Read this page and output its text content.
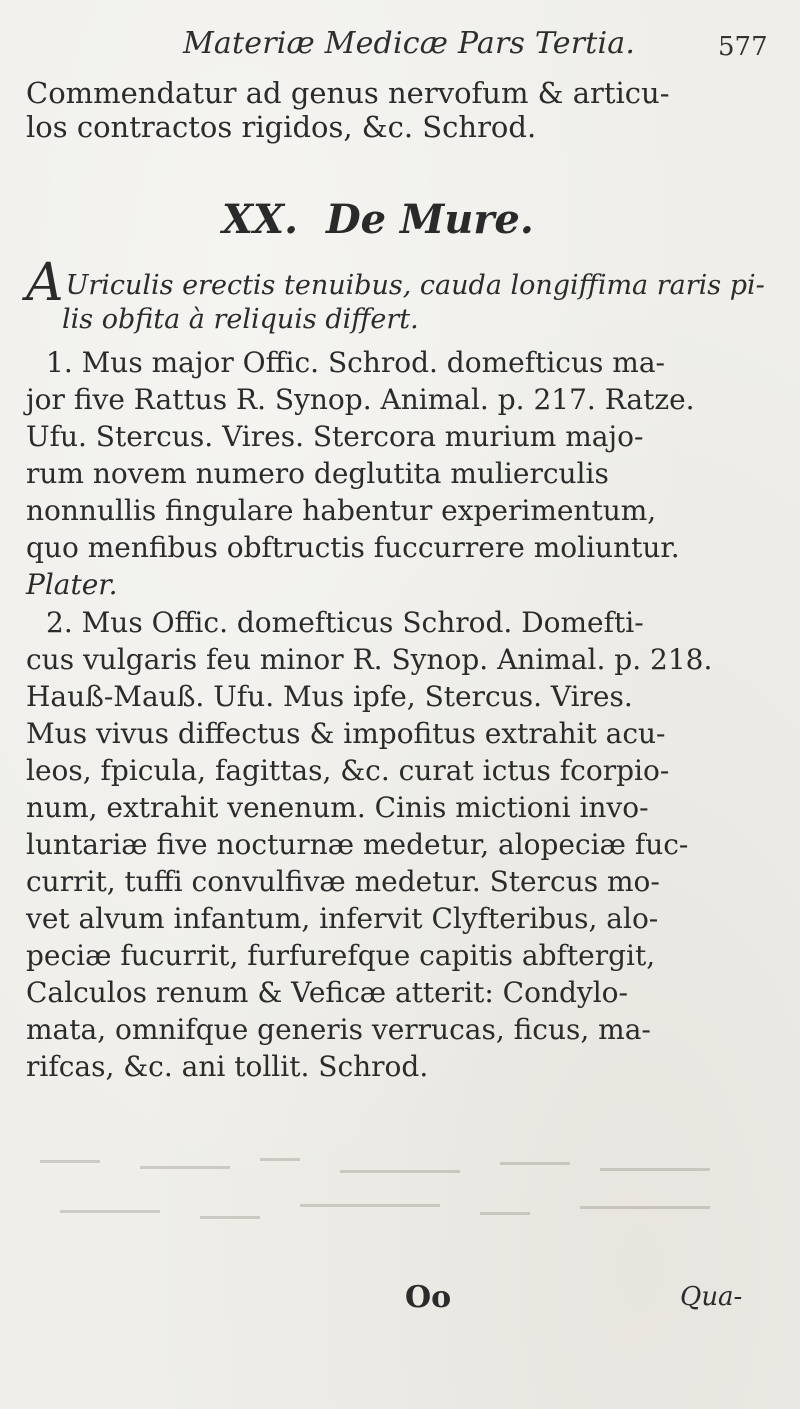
Materiæ Medicæ Pars Tertia.	577
Commendatur ad genus nervofum & articu-
los contractos rigidos, &c. Schrod.
XX. De Mure.
AUriculis erectis tenuibus, cauda longiffima raris pi-
lis obfita à reliquis differt.
1. Mus major Offic. Schrod. domefticus ma-
jor five Rattus R. Synop. Animal. p. 217. Ratze.
Ufu. Stercus. Vires. Stercora murium majo-
rum novem numero deglutita mulierculis
nonnullis fingulare habentur experimentum,
quo menfibus obftructis fuccurrere moliuntur.
Plater.
2. Mus Offic. domefticus Schrod. Domefti-
cus vulgaris feu minor R. Synop. Animal. p. 218.
Hauß-Mauß. Ufu. Mus ipfe, Stercus. Vires.
Mus vivus diffectus & impofitus extrahit acu-
leos, fpicula, fagittas, &c. curat ictus fcorpio-
num, extrahit venenum. Cinis mictioni invo-
luntariæ five nocturnæ medetur, alopeciæ fuc-
currit, tuffi convulfivæ medetur. Stercus mo-
vet alvum infantum, infervit Clyfteribus, alo-
peciæ fucurrit, furfurefque capitis abftergit,
Calculos renum & Veficæ atterit: Condylo-
mata, omnifque generis verrucas, ficus, ma-
rifcas, &c. ani tollit. Schrod.
Oo	Qua-
